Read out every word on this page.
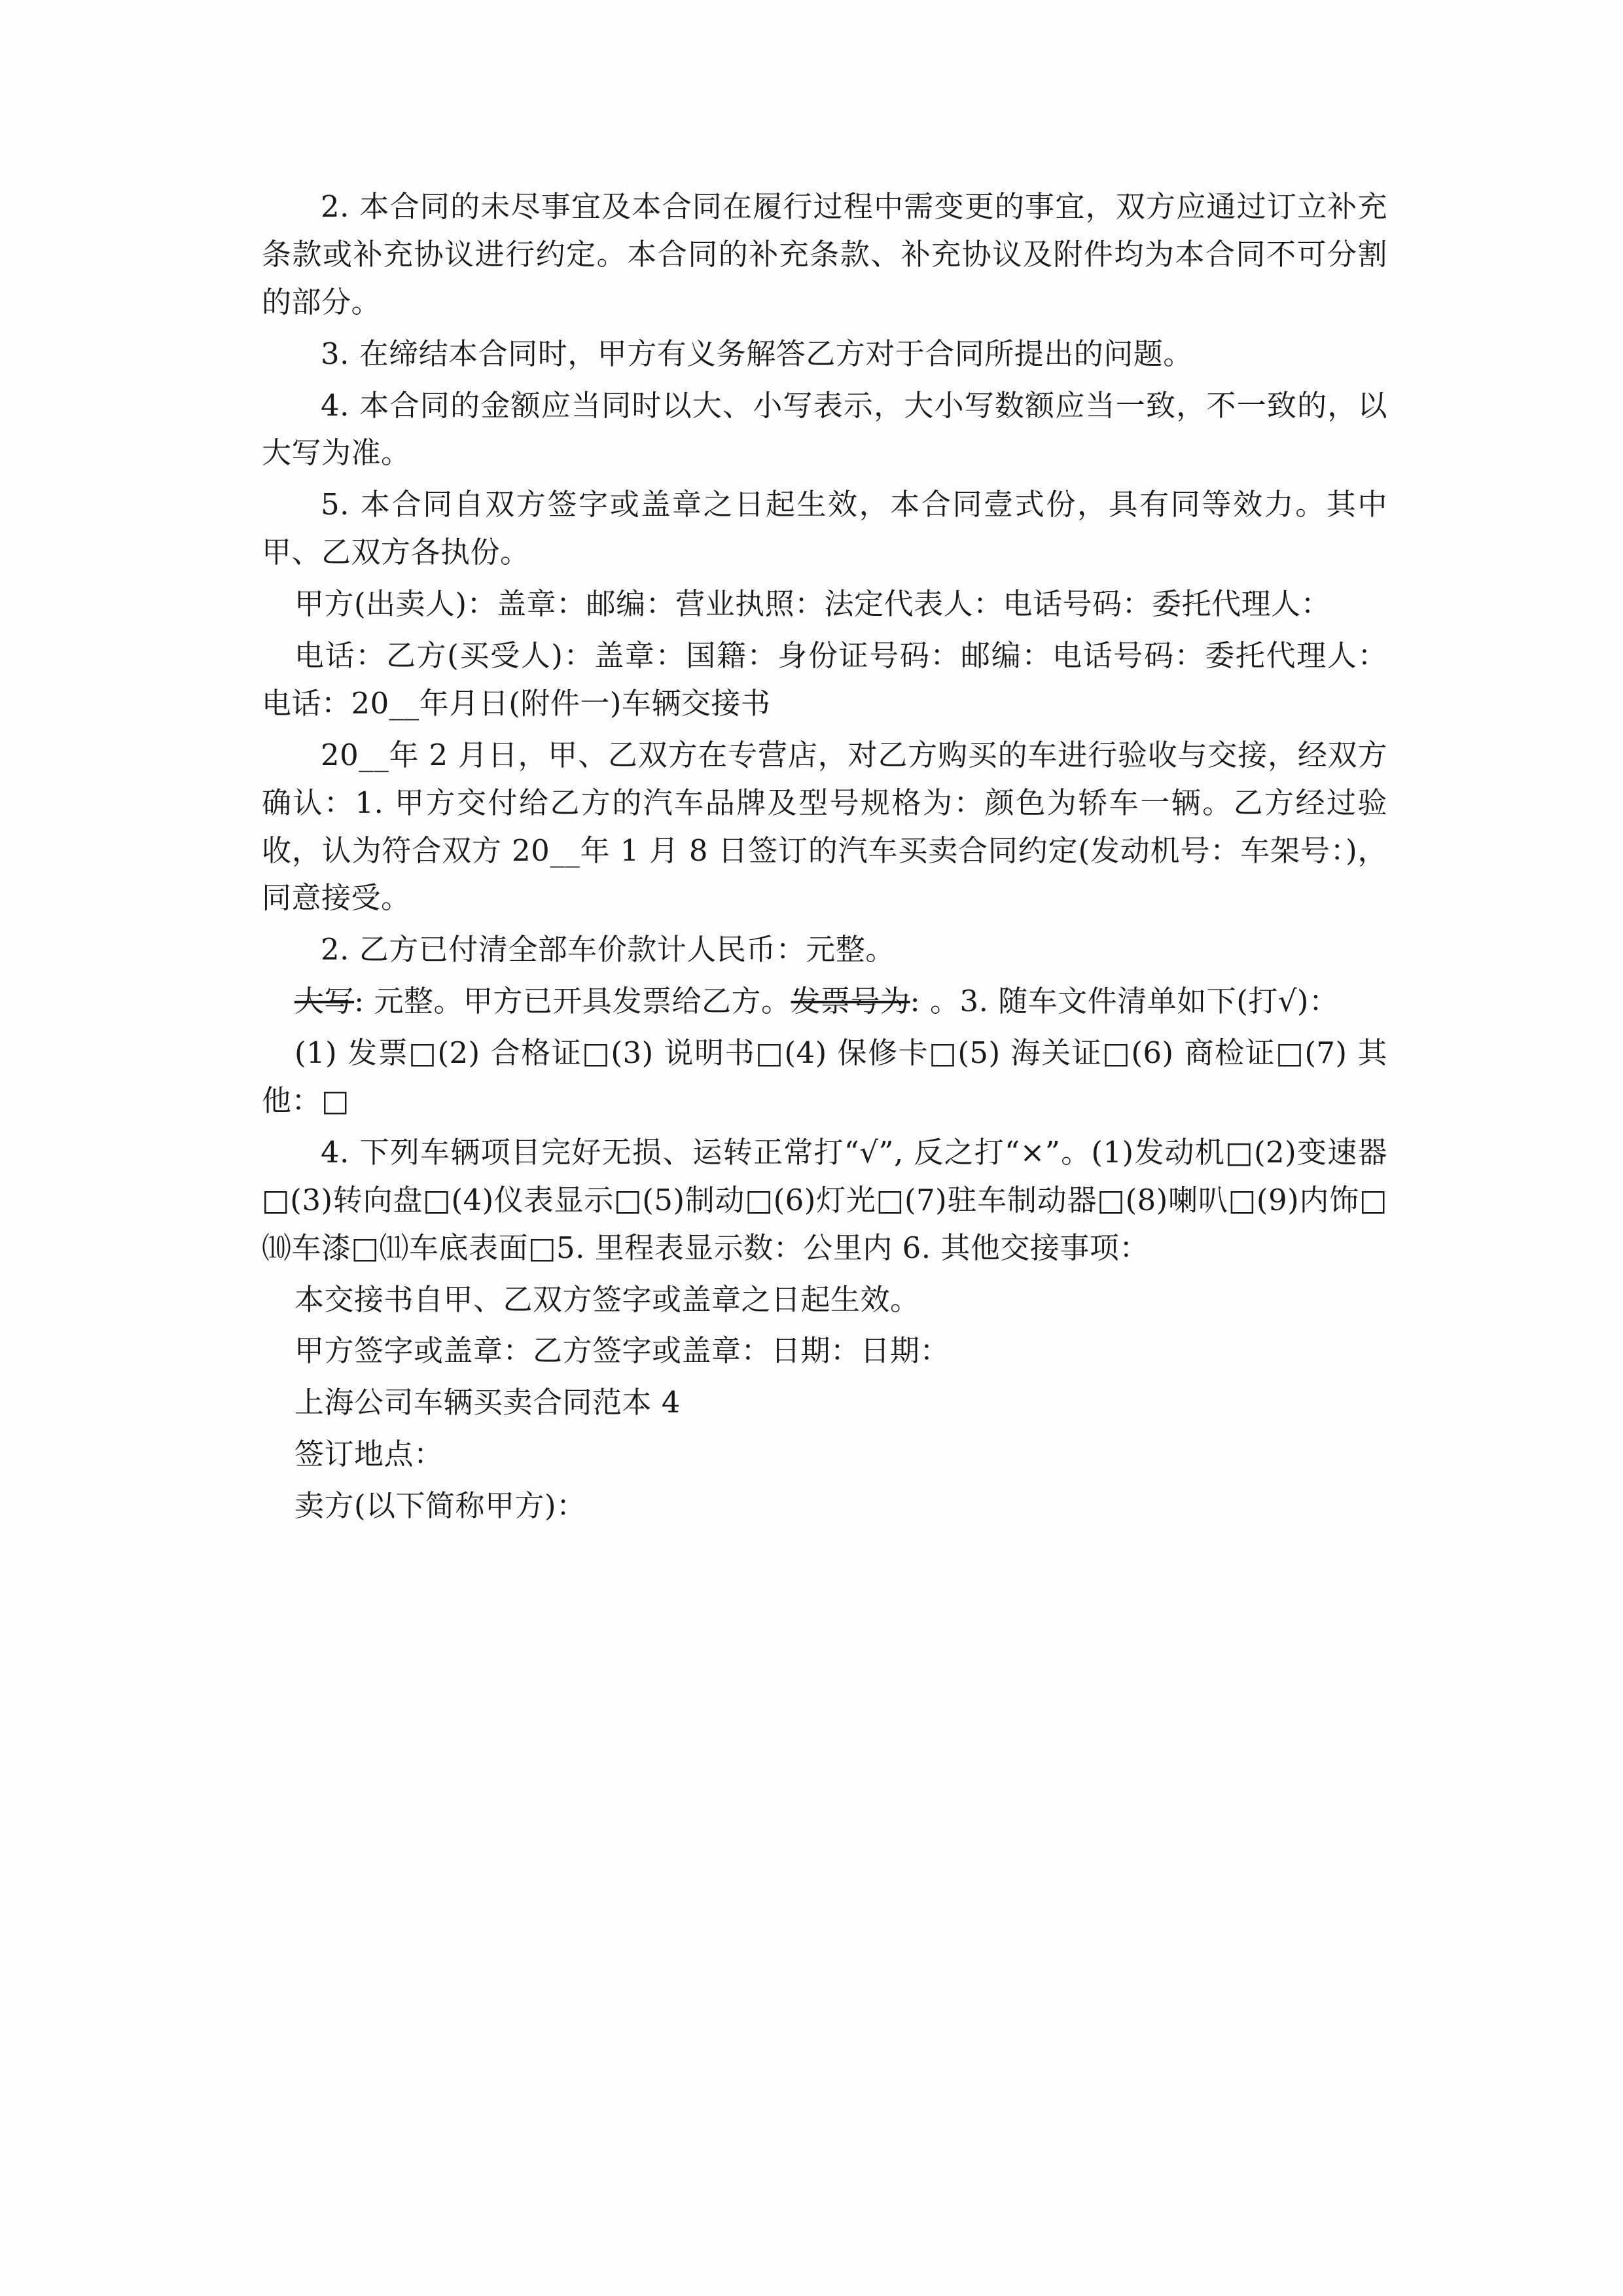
2. 本合同的未尽事宜及本合同在履行过程中需变更的事宜，双方应通过订立补充条款或补充协议进行约定。本合同的补充条款、补充协议及附件均为本合同不可分割的部分。

3. 在缔结本合同时，甲方有义务解答乙方对于合同所提出的问题。

4. 本合同的金额应当同时以大、小写表示，大小写数额应当一致，不一致的，以大写为准。

5. 本合同自双方签字或盖章之日起生效，本合同壹式份，具有同等效力。其中甲、乙双方各执份。

甲方(出卖人)：盖章：邮编：营业执照：法定代表人：电话号码：委托代理人：

电话：乙方(买受人)：盖章：国籍：身份证号码：邮编：电话号码：委托代理人：电话：20__年月日(附件一)车辆交接书

20__年 2 月日，甲、乙双方在专营店，对乙方购买的车进行验收与交接，经双方确认：1. 甲方交付给乙方的汽车品牌及型号规格为：颜色为轿车一辆。乙方经过验收，认为符合双方 20__年 1 月 8 日签订的汽车买卖合同约定(发动机号：车架号：)，同意接受。

2. 乙方已付清全部车价款计人民币：元整。

大写: 元整。甲方已开具发票给乙方。发票号为: 。3. 随车文件清单如下(打√)：

(1) 发票□(2) 合格证□(3) 说明书□(4) 保修卡□(5) 海关证□(6) 商检证□(7) 其他：□

4. 下列车辆项目完好无损、运转正常打“√”, 反之打“×”。(1)发动机□(2)变速器□(3)转向盘□(4)仪表显示□(5)制动□(6)灯光□(7)驻车制动器□(8)喇叭□(9)内饰□⑽车漆□⑾车底表面□5. 里程表显示数：公里内 6. 其他交接事项：

本交接书自甲、乙双方签字或盖章之日起生效。

甲方签字或盖章：乙方签字或盖章：日期：日期：

上海公司车辆买卖合同范本 4

签订地点：

卖方(以下简称甲方)：
